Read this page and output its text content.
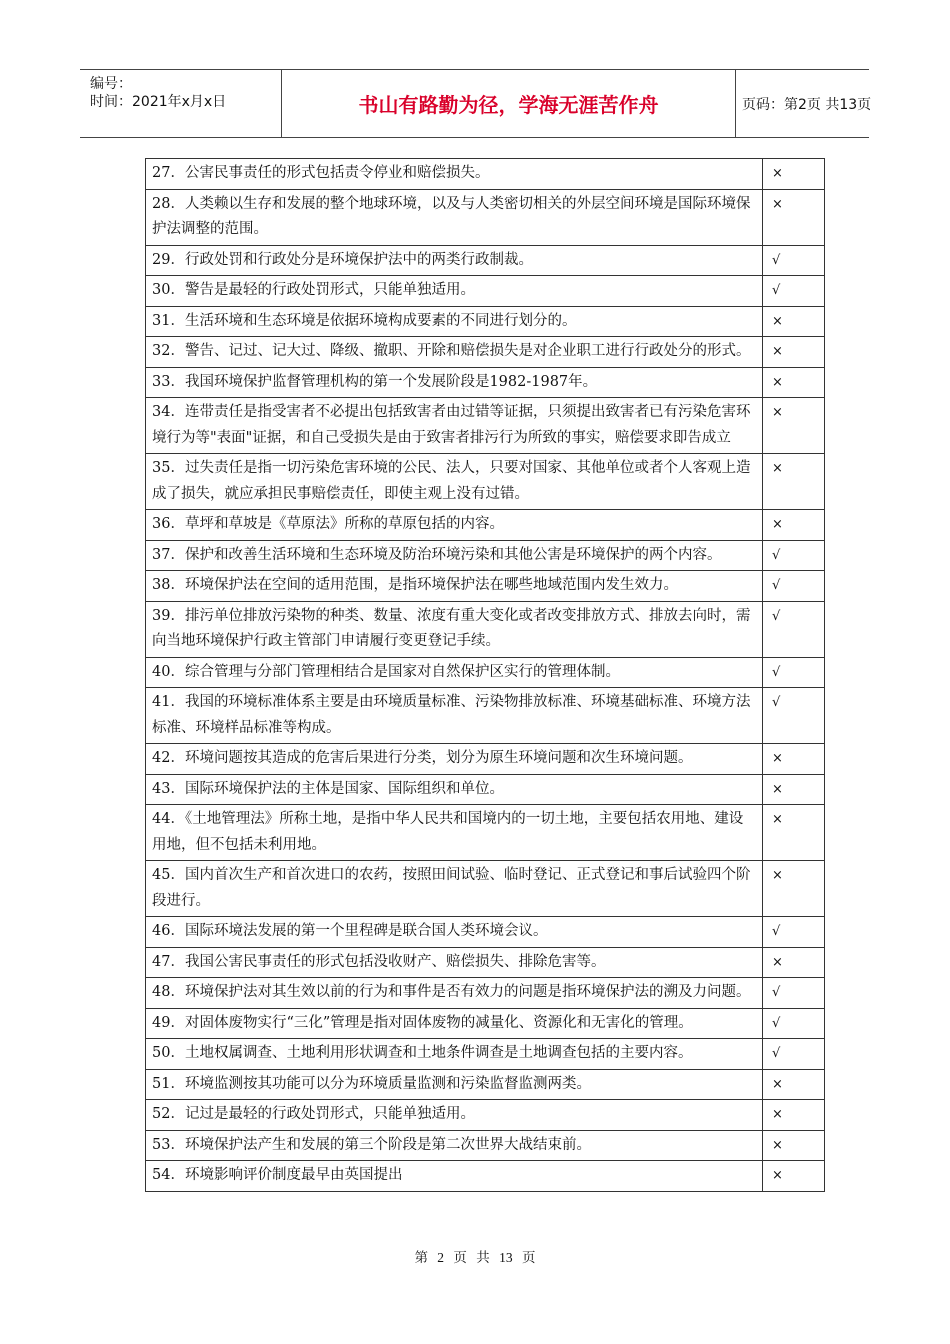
编号：
时间：2021年x月x日	书山有路勤为径，学海无涯苦作舟	页码：第2页 共13页
27．公害民事责任的形式包括责令停业和赔偿损失。	×
28．人类赖以生存和发展的整个地球环境，以及与人类密切相关的外层空间环境是国际环境保护法调整的范围。	×
29．行政处罚和行政处分是环境保护法中的两类行政制裁。	√
30．警告是最轻的行政处罚形式，只能单独适用。	√
31．生活环境和生态环境是依据环境构成要素的不同进行划分的。	×
32．警告、记过、记大过、降级、撤职、开除和赔偿损失是对企业职工进行行政处分的形式。	×
33．我国环境保护监督管理机构的第一个发展阶段是1982-1987年。	×
34．连带责任是指受害者不必提出包括致害者由过错等证据，只须提出致害者已有污染危害环境行为等"表面"证据，和自己受损失是由于致害者排污行为所致的事实，赔偿要求即告成立	×
35．过失责任是指一切污染危害环境的公民、法人，只要对国家、其他单位或者个人客观上造成了损失，就应承担民事赔偿责任，即使主观上没有过错。	×
36．草坪和草坡是《草原法》所称的草原包括的内容。	×
37．保护和改善生活环境和生态环境及防治环境污染和其他公害是环境保护的两个内容。	√
38．环境保护法在空间的适用范围，是指环境保护法在哪些地域范围内发生效力。	√
39．排污单位排放污染物的种类、数量、浓度有重大变化或者改变排放方式、排放去向时，需向当地环境保护行政主管部门申请履行变更登记手续。	√
40．综合管理与分部门管理相结合是国家对自然保护区实行的管理体制。	√
41．我国的环境标准体系主要是由环境质量标准、污染物排放标准、环境基础标准、环境方法标准、环境样品标准等构成。	√
42．环境问题按其造成的危害后果进行分类，划分为原生环境问题和次生环境问题。	×
43．国际环境保护法的主体是国家、国际组织和单位。	×
44．《土地管理法》所称土地，是指中华人民共和国境内的一切土地，主要包括农用地、建设用地，但不包括未利用地。	×
45．国内首次生产和首次进口的农药，按照田间试验、临时登记、正式登记和事后试验四个阶段进行。	×
46．国际环境法发展的第一个里程碑是联合国人类环境会议。	√
47．我国公害民事责任的形式包括没收财产、赔偿损失、排除危害等。	×
48．环境保护法对其生效以前的行为和事件是否有效力的问题是指环境保护法的溯及力问题。	√
49．对固体废物实行“三化”管理是指对固体废物的减量化、资源化和无害化的管理。	√
50．土地权属调查、土地利用形状调查和土地条件调查是土地调查包括的主要内容。	√
51．环境监测按其功能可以分为环境质量监测和污染监督监测两类。	×
52．记过是最轻的行政处罚形式，只能单独适用。	×
53．环境保护法产生和发展的第三个阶段是第二次世界大战结束前。	×
54．环境影响评价制度最早由英国提出	×
第 2 页 共 13 页
